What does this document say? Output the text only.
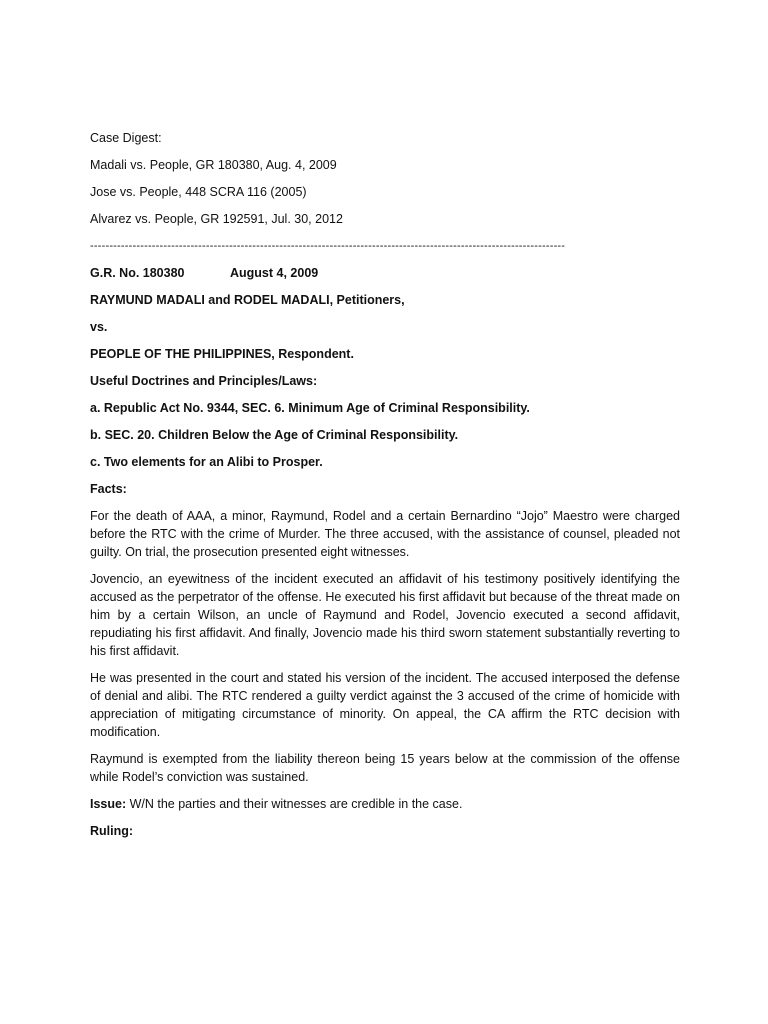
Case Digest:

Madali vs. People, GR 180380, Aug. 4, 2009

Jose vs. People, 448 SCRA 116 (2005)

Alvarez vs. People, GR 192591, Jul. 30, 2012

---------------------------------------------------------------------------------------------------------------------------

G.R. No. 180380	August 4, 2009

RAYMUND MADALI and RODEL MADALI, Petitioners,

vs.

PEOPLE OF THE PHILIPPINES, Respondent.

Useful Doctrines and Principles/Laws:

a. Republic Act No. 9344, SEC. 6. Minimum Age of Criminal Responsibility.

b. SEC. 20. Children Below the Age of Criminal Responsibility.

c. Two elements for an Alibi to Prosper.

Facts:

For the death of AAA, a minor, Raymund, Rodel and a certain Bernardino “Jojo” Maestro were charged before the RTC with the crime of Murder. The three accused, with the assistance of counsel, pleaded not guilty. On trial, the prosecution presented eight witnesses.

Jovencio, an eyewitness of the incident executed an affidavit of his testimony positively identifying the accused as the perpetrator of the offense. He executed his first affidavit but because of the threat made on him by a certain Wilson, an uncle of Raymund and Rodel, Jovencio executed a second affidavit, repudiating his first affidavit. And finally, Jovencio made his third sworn statement substantially reverting to his first affidavit.

He was presented in the court and stated his version of the incident. The accused interposed the defense of denial and alibi. The RTC rendered a guilty verdict against the 3 accused of the crime of homicide with appreciation of mitigating circumstance of minority. On appeal, the CA affirm the RTC decision with modification.

Raymund is exempted from the liability thereon being 15 years below at the commission of the offense while Rodel’s conviction was sustained.

Issue: W/N the parties and their witnesses are credible in the case.

Ruling:
